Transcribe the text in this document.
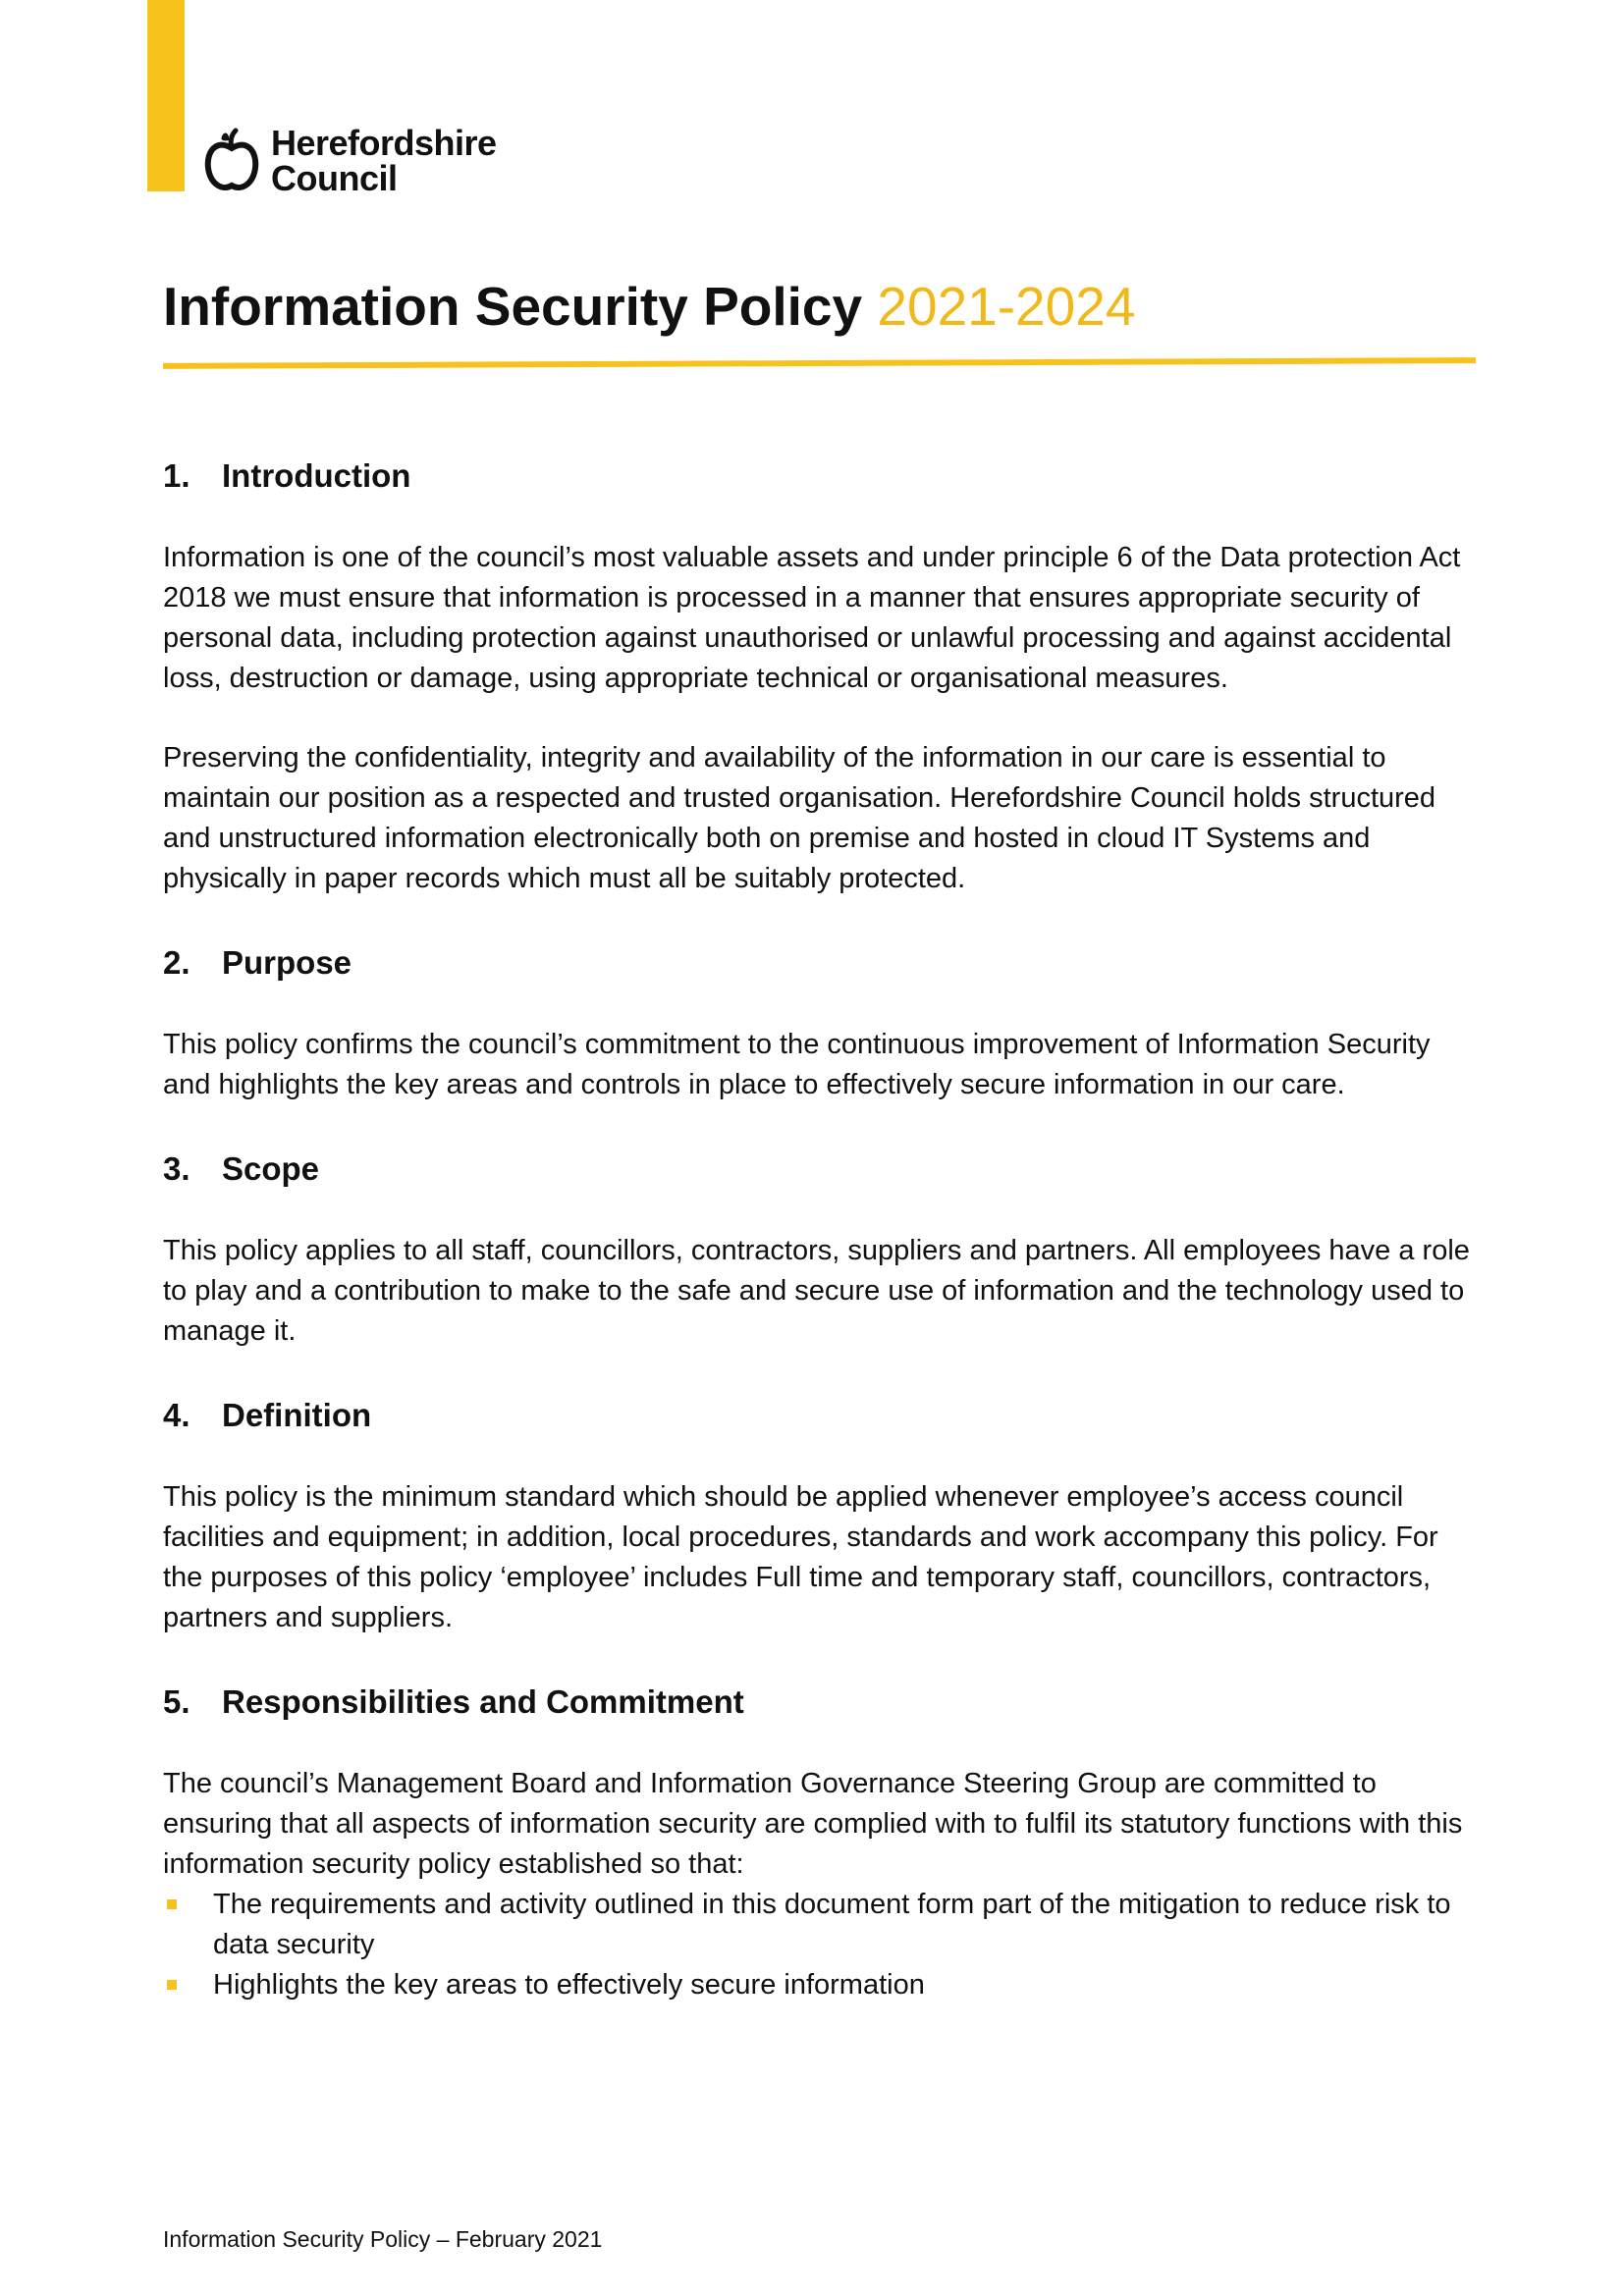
Herefordshire
Council
Information Security Policy 2021-2024
1. Introduction

Information is one of the council’s most valuable assets and under principle 6 of the Data protection Act 2018 we must ensure that information is processed in a manner that ensures appropriate security of personal data, including protection against unauthorised or unlawful processing and against accidental loss, destruction or damage, using appropriate technical or organisational measures.

Preserving the confidentiality, integrity and availability of the information in our care is essential to maintain our position as a respected and trusted organisation. Herefordshire Council holds structured and unstructured information electronically both on premise and hosted in cloud IT Systems and physically in paper records which must all be suitably protected.

2. Purpose

This policy confirms the council’s commitment to the continuous improvement of Information Security and highlights the key areas and controls in place to effectively secure information in our care.

3. Scope

This policy applies to all staff, councillors, contractors, suppliers and partners. All employees have a role to play and a contribution to make to the safe and secure use of information and the technology used to manage it.

4. Definition

This policy is the minimum standard which should be applied whenever employee’s access council facilities and equipment; in addition, local procedures, standards and work accompany this policy. For the purposes of this policy ‘employee’ includes Full time and temporary staff, councillors, contractors, partners and suppliers.

5. Responsibilities and Commitment

The council’s Management Board and Information Governance Steering Group are committed to ensuring that all aspects of information security are complied with to fulfil its statutory functions with this information security policy established so that:

The requirements and activity outlined in this document form part of the mitigation to reduce risk to data security
Highlights the key areas to effectively secure information
Information Security Policy – February 2021
